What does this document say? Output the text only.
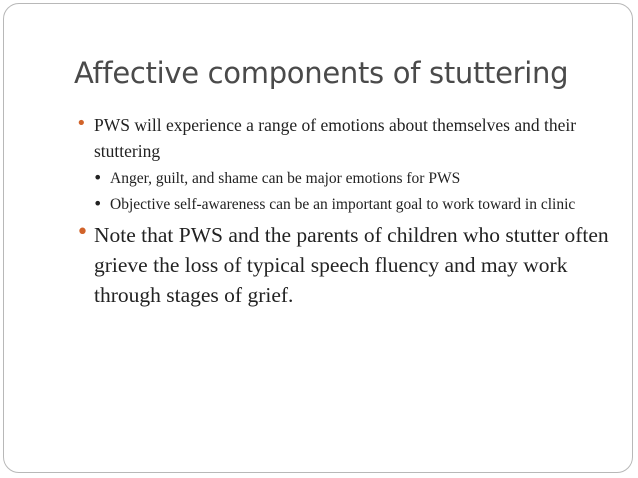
Affective components of stuttering
• PWS will experience a range of emotions about themselves and their stuttering
• Anger, guilt, and shame can be major emotions for PWS
• Objective self-awareness can be an important goal to work toward in clinic
• Note that PWS and the parents of children who stutter often grieve the loss of typical speech fluency and may work through stages of grief.
